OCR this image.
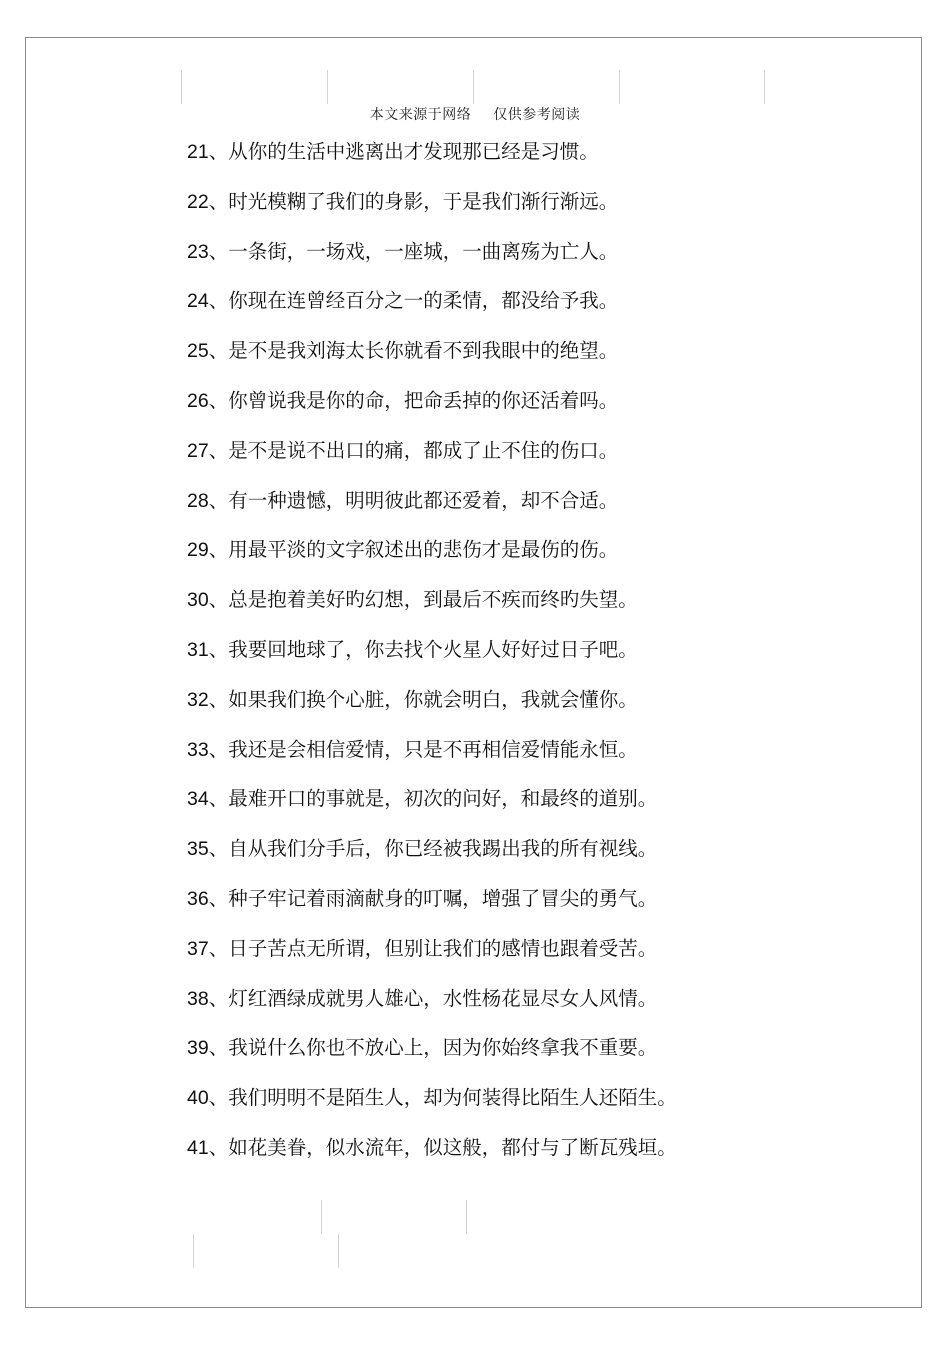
本文来源于网络 仅供参考阅读
21、从你的生活中逃离出才发现那已经是习惯。
22、时光模糊了我们的身影，于是我们渐行渐远。
23、一条街，一场戏，一座城，一曲离殇为亡人。
24、你现在连曾经百分之一的柔情，都没给予我。
25、是不是我刘海太长你就看不到我眼中的绝望。
26、你曾说我是你的命，把命丢掉的你还活着吗。
27、是不是说不出口的痛，都成了止不住的伤口。
28、有一种遗憾，明明彼此都还爱着，却不合适。
29、用最平淡的文字叙述出的悲伤才是最伤的伤。
30、总是抱着美好旳幻想，到最后不疾而终旳失望。
31、我要回地球了，你去找个火星人好好过日子吧。
32、如果我们换个心脏，你就会明白，我就会懂你。
33、我还是会相信爱情，只是不再相信爱情能永恒。
34、最难开口的事就是，初次的问好，和最终的道别。
35、自从我们分手后，你已经被我踢出我的所有视线。
36、种子牢记着雨滴献身的叮嘱，增强了冒尖的勇气。
37、日子苦点无所谓，但别让我们的感情也跟着受苦。
38、灯红酒绿成就男人雄心，水性杨花显尽女人风情。
39、我说什么你也不放心上，因为你始终拿我不重要。
40、我们明明不是陌生人，却为何装得比陌生人还陌生。
41、如花美眷，似水流年，似这般，都付与了断瓦残垣。
